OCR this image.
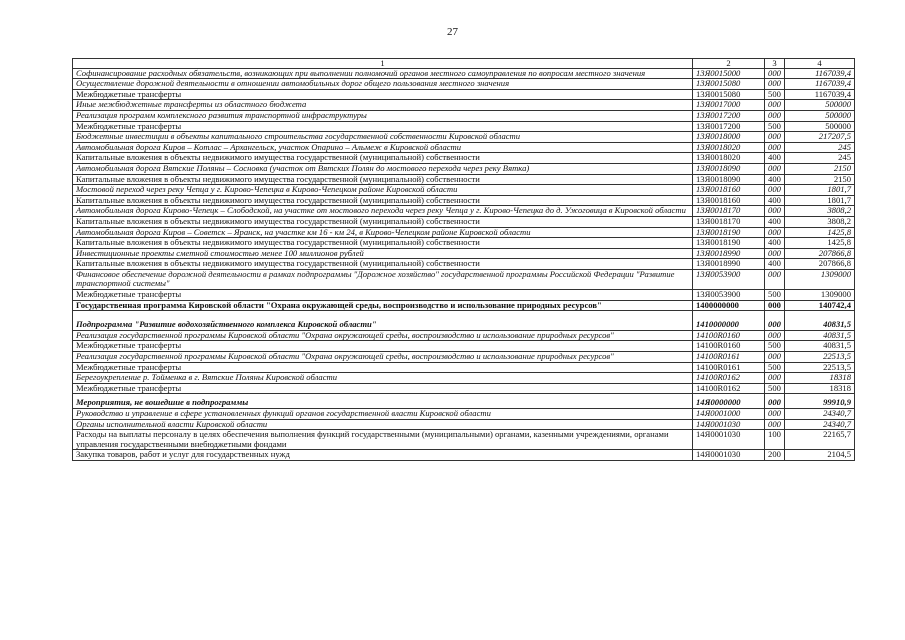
27
1	2	3	4
Софинансирование расходных обязательств, возникающих при выполнении полномочий органов местного самоуправления по вопросам местного значения	13Я0015000	000	1167039,4
Осуществление дорожной деятельности в отношении автомобильных дорог общего пользования местного значения	13Я0015080	000	1167039,4
Межбюджетные трансферты	13Я0015080	500	1167039,4
Иные межбюджетные трансферты из областного бюджета	13Я0017000	000	500000
Реализация программ комплексного развития транспортной инфраструктуры	13Я0017200	000	500000
Межбюджетные трансферты	13Я0017200	500	500000
Бюджетные инвестиции в объекты капитального строительства государственной собственности Кировской области	13Я0018000	000	217207,5
Автомобильная дорога Киров – Котлас – Архангельск, участок Опарино – Альмеж в Кировской области	13Я0018020	000	245
Капитальные вложения в объекты недвижимого имущества государственной (муниципальной) собственности	13Я0018020	400	245
Автомобильная дорога Вятские Поляны – Сосновка (участок от Вятских Полян до мостового перехода через реку Вятка)	13Я0018090	000	2150
Капитальные вложения в объекты недвижимого имущества государственной (муниципальной) собственности	13Я0018090	400	2150
Мостовой переход через реку Чепца у г. Кирово-Чепецка в Кирово-Чепецком районе Кировской области	13Я0018160	000	1801,7
Капитальные вложения в объекты недвижимого имущества государственной (муниципальной) собственности	13Я0018160	400	1801,7
Автомобильная дорога Кирово-Чепецк – Слободской, на участке от мостового перехода через реку Чепца у г. Кирово-Чепецка до д. Ужоговица в Кировской области	13Я0018170	000	3808,2
Капитальные вложения в объекты недвижимого имущества государственной (муниципальной) собственности	13Я0018170	400	3808,2
Автомобильная дорога Киров – Советск – Яранск, на участке км 16 - км 24, в Кирово-Чепецком районе Кировской области	13Я0018190	000	1425,8
Капитальные вложения в объекты недвижимого имущества государственной (муниципальной) собственности	13Я0018190	400	1425,8
Инвестиционные проекты сметной стоимостью менее 100 миллионов рублей	13Я0018990	000	207866,8
Капитальные вложения в объекты недвижимого имущества государственной (муниципальной) собственности	13Я0018990	400	207866,8
Финансовое обеспечение дорожной деятельности в рамках подпрограммы "Дорожное хозяйство" государственной программы Российской Федерации "Развитие транспортной системы"	13Я0053900	000	1309000
Межбюджетные трансферты	13Я0053900	500	1309000
Государственная программа Кировской области "Охрана окружающей среды, воспроизводство и использование природных ресурсов"	1400000000	000	140742,4
Подпрограмма "Развитие водохозяйственного комплекса Кировской области"	1410000000	000	40831,5
Реализация государственной программы Кировской области "Охрана окружающей среды, воспроизводство и использование природных ресурсов"	14100R0160	000	40831,5
Межбюджетные трансферты	14100R0160	500	40831,5
Реализация государственной программы Кировской области "Охрана окружающей среды, воспроизводство и использование природных ресурсов"	14100R0161	000	22513,5
Межбюджетные трансферты	14100R0161	500	22513,5
Берегоукрепление р. Тойменка в г. Вятские Поляны Кировской области	14100R0162	000	18318
Межбюджетные трансферты	14100R0162	500	18318
Мероприятия, не вошедшие в подпрограммы	14Я0000000	000	99910,9
Руководство и управление в сфере установленных функций органов государственной власти Кировской области	14Я0001000	000	24340,7
Органы исполнительной власти Кировской области	14Я0001030	000	24340,7
Расходы на выплаты персоналу в целях обеспечения выполнения функций государственными (муниципальными) органами, казенными учреждениями, органами управления государственными внебюджетными фондами	14Я0001030	100	22165,7
Закупка товаров, работ и услуг для государственных нужд	14Я0001030	200	2104,5
